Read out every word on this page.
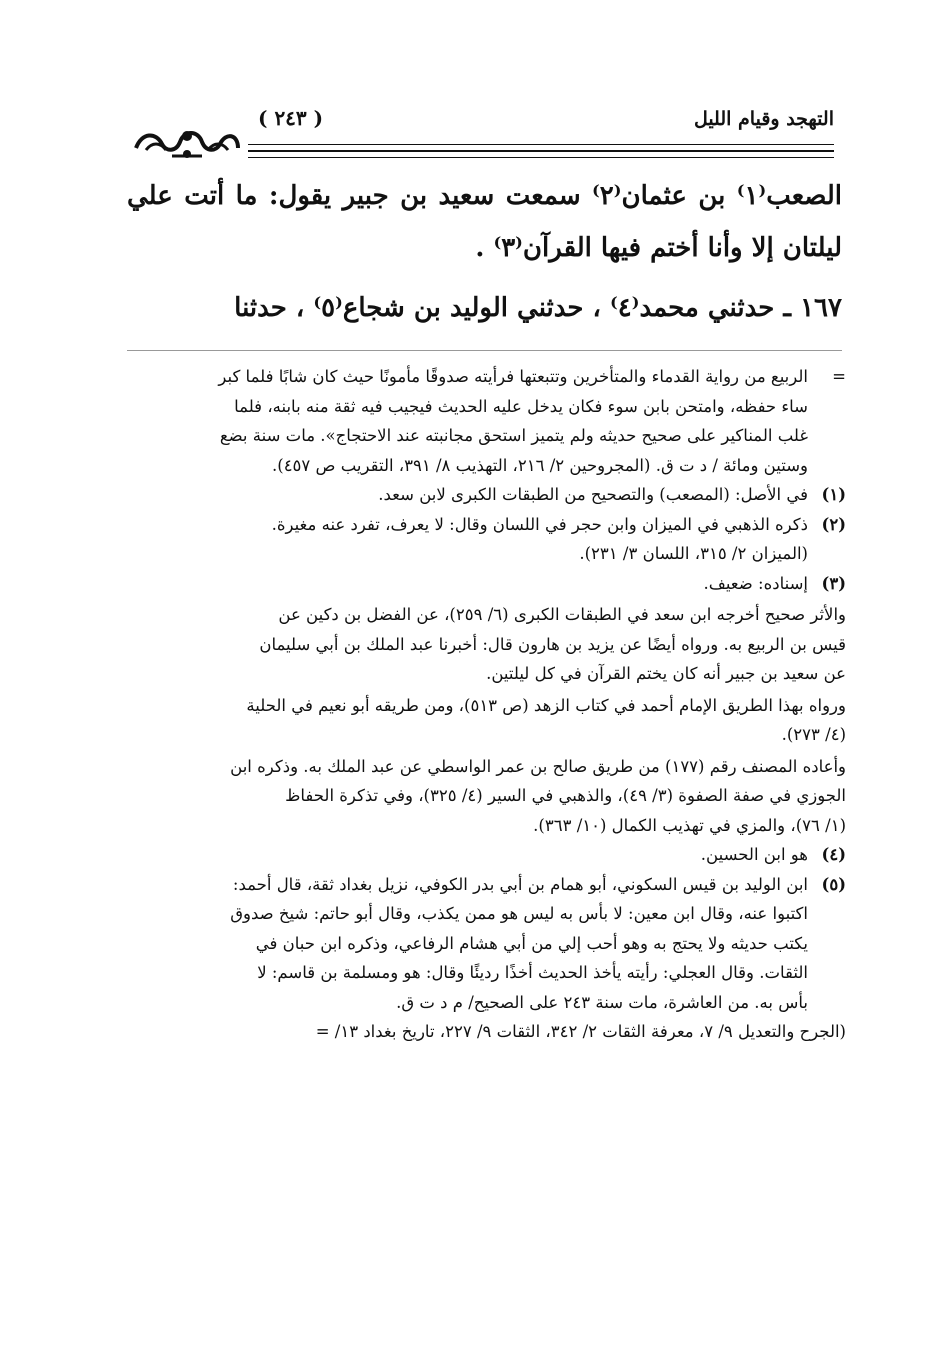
التهجد وقيام الليل
( ٢٤٣ )
الصعب⁽١⁾ بن عثمان⁽٢⁾ سمعت سعيد بن جبير يقول: ما أتت علي ليلتان إلا وأنا أختم فيها القرآن⁽٣⁾ .
١٦٧ ـ حدثني محمد⁽٤⁾ ، حدثني الوليد بن شجاع⁽٥⁾ ، حدثنا
=
الربيع من رواية القدماء والمتأخرين وتتبعتها فرأيته صدوقًا مأمونًا حيث كان شابًا فلما كبر
ساء حفظه، وامتحن بابن سوء فكان يدخل عليه الحديث فيجيب فيه ثقة منه بابنه، فلما
غلب المناكير على صحيح حديثه ولم يتميز استحق مجانبته عند الاحتجاج». مات سنة بضع
وستين ومائة / د ت ق. (المجروحين ٢/ ٢١٦، التهذيب ٨/ ٣٩١، التقريب ص ٤٥٧).
(١)
في الأصل: (المصعب) والتصحيح من الطبقات الكبرى لابن سعد.
(٢)
ذكره الذهبي في الميزان وابن حجر في اللسان وقال: لا يعرف، تفرد عنه مغيرة.
(الميزان ٢/ ٣١٥، اللسان ٣/ ٢٣١).
(٣)
إسناده: ضعيف.
والأثر صحيح أخرجه ابن سعد في الطبقات الكبرى (٦/ ٢٥٩)، عن الفضل بن دكين عن
قيس بن الربيع به. ورواه أيضًا عن يزيد بن هارون قال: أخبرنا عبد الملك بن أبي سليمان
عن سعيد بن جبير أنه كان يختم القرآن في كل ليلتين.
ورواه بهذا الطريق الإمام أحمد في كتاب الزهد (ص ٥١٣)، ومن طريقه أبو نعيم في الحلية
(٤/ ٢٧٣).
وأعاده المصنف رقم (١٧٧) من طريق صالح بن عمر الواسطي عن عبد الملك به. وذكره ابن
الجوزي في صفة الصفوة (٣/ ٤٩)، والذهبي في السير (٤/ ٣٢٥)، وفي تذكرة الحفاظ
(١/ ٧٦)، والمزي في تهذيب الكمال (١٠/ ٣٦٣).
(٤)
هو ابن الحسين.
(٥)
ابن الوليد بن قيس السكوني، أبو همام بن أبي بدر الكوفي، نزيل بغداد ثقة، قال أحمد:
اكتبوا عنه، وقال ابن معين: لا بأس به ليس هو ممن يكذب، وقال أبو حاتم: شيخ صدوق
يكتب حديثه ولا يحتج به وهو أحب إلي من أبي هشام الرفاعي، وذكره ابن حبان في
الثقات. وقال العجلي: رأيته يأخذ الحديث أخذًا رديئًا وقال: هو ومسلمة بن قاسم: لا
بأس به. من العاشرة، مات سنة ٢٤٣ على الصحيح/ م د ت ق.
(الجرح والتعديل ٩/ ٧، معرفة الثقات ٢/ ٣٤٢، الثقات ٩/ ٢٢٧، تاريخ بغداد ١٣/ =
